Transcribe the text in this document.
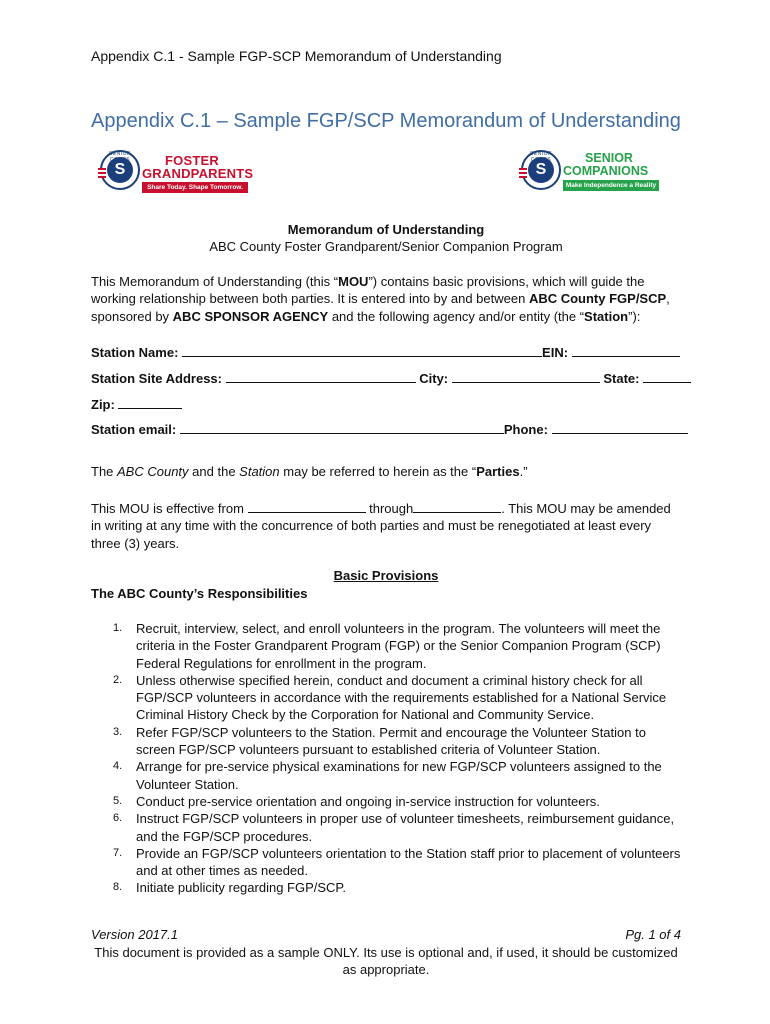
Appendix C.1 - Sample FGP-SCP Memorandum of Understanding
Appendix C.1 – Sample FGP/SCP Memorandum of Understanding
SENIOR
S
FOSTER
GRANDPARENTS
Share Today. Shape Tomorrow.
SENIOR
S
SENIOR
COMPANIONS
Make Independence a Reality
Memorandum of Understanding
ABC County Foster Grandparent/Senior Companion Program
This Memorandum of Understanding (this “MOU”) contains basic provisions, which will guide the working relationship between both parties. It is entered into by and between ABC County FGP/SCP, sponsored by ABC SPONSOR AGENCY and the following agency and/or entity (the “Station”):
Station Name:	EIN:
Station Site Address:	City:	State:
Zip:
Station email:	Phone:
The ABC County and the Station may be referred to herein as the “Parties.”
This MOU is effective from	through	. This MOU may be amended in writing at any time with the concurrence of both parties and must be renegotiated at least every three (3) years.
Basic Provisions
The ABC County’s Responsibilities
1. Recruit, interview, select, and enroll volunteers in the program. The volunteers will meet the criteria in the Foster Grandparent Program (FGP) or the Senior Companion Program (SCP) Federal Regulations for enrollment in the program.
2. Unless otherwise specified herein, conduct and document a criminal history check for all FGP/SCP volunteers in accordance with the requirements established for a National Service Criminal History Check by the Corporation for National and Community Service.
3. Refer FGP/SCP volunteers to the Station. Permit and encourage the Volunteer Station to screen FGP/SCP volunteers pursuant to established criteria of Volunteer Station.
4. Arrange for pre-service physical examinations for new FGP/SCP volunteers assigned to the Volunteer Station.
5. Conduct pre-service orientation and ongoing in-service instruction for volunteers.
6. Instruct FGP/SCP volunteers in proper use of volunteer timesheets, reimbursement guidance, and the FGP/SCP procedures.
7. Provide an FGP/SCP volunteers orientation to the Station staff prior to placement of volunteers and at other times as needed.
8. Initiate publicity regarding FGP/SCP.
Version 2017.1	Pg. 1 of 4
This document is provided as a sample ONLY. Its use is optional and, if used, it should be customized as appropriate.
